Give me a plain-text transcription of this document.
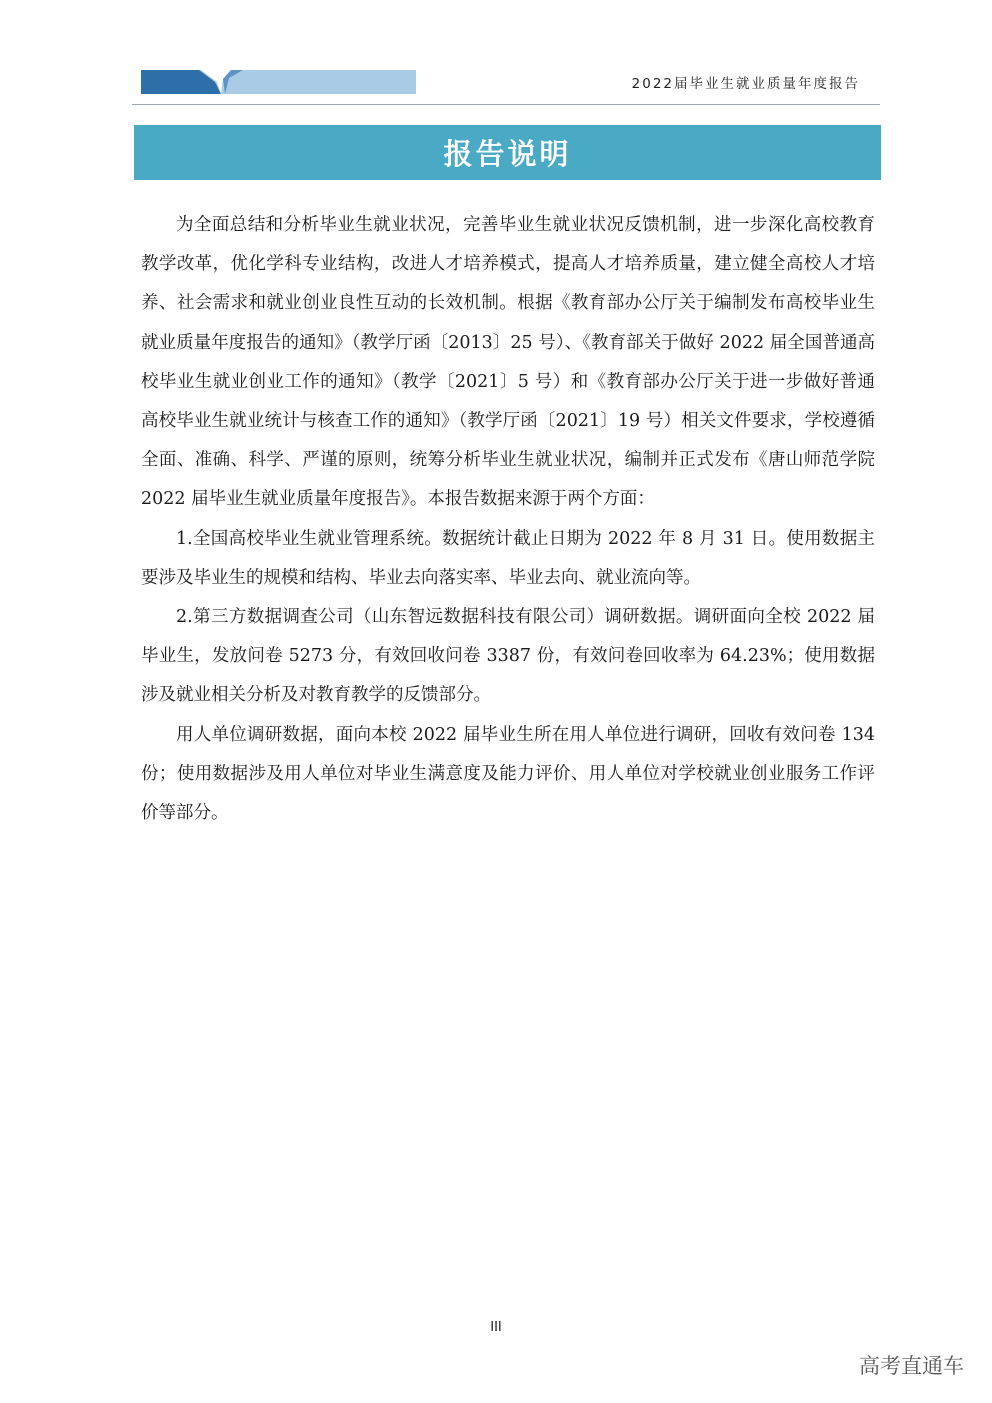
2022届毕业生就业质量年度报告
报告说明

为全面总结和分析毕业生就业状况，完善毕业生就业状况反馈机制，进一步深化高校教育教学改革，优化学科专业结构，改进人才培养模式，提高人才培养质量，建立健全高校人才培养、社会需求和就业创业良性互动的长效机制。根据《教育部办公厅关于编制发布高校毕业生就业质量年度报告的通知》（教学厅函〔2013〕25 号）、《教育部关于做好 2022 届全国普通高校毕业生就业创业工作的通知》（教学〔2021〕5 号）和《教育部办公厅关于进一步做好普通高校毕业生就业统计与核查工作的通知》（教学厅函〔2021〕19 号）相关文件要求，学校遵循全面、准确、科学、严谨的原则，统筹分析毕业生就业状况，编制并正式发布《唐山师范学院 2022 届毕业生就业质量年度报告》。本报告数据来源于两个方面：

1.全国高校毕业生就业管理系统。数据统计截止日期为 2022 年 8 月 31 日。使用数据主要涉及毕业生的规模和结构、毕业去向落实率、毕业去向、就业流向等。

2.第三方数据调查公司（山东智远数据科技有限公司）调研数据。调研面向全校 2022 届毕业生，发放问卷 5273 分，有效回收问卷 3387 份，有效问卷回收率为 64.23%；使用数据涉及就业相关分析及对教育教学的反馈部分。

用人单位调研数据，面向本校 2022 届毕业生所在用人单位进行调研，回收有效问卷 134 份；使用数据涉及用人单位对毕业生满意度及能力评价、用人单位对学校就业创业服务工作评价等部分。

III
高考直通车
